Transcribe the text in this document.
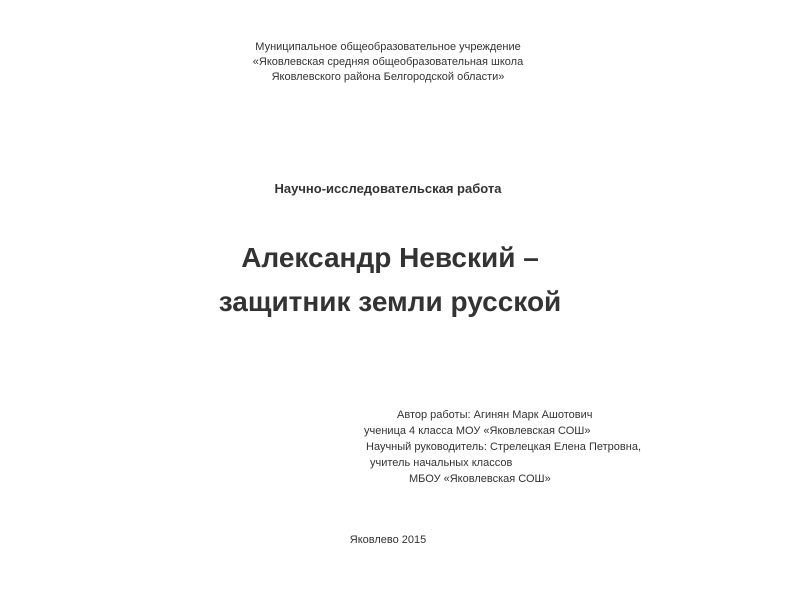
Муниципальное общеобразовательное учреждение
«Яковлевская средняя общеобразовательная школа
Яковлевского района Белгородской области»
Научно-исследовательская работа
Александр Невский –
защитник земли русской
Автор работы: Агинян Марк Ашотович
ученица 4 класса МОУ «Яковлевская СОШ»
Научный руководитель: Стрелецкая Елена Петровна,
учитель начальных классов
МБОУ «Яковлевская СОШ»
Яковлево 2015
